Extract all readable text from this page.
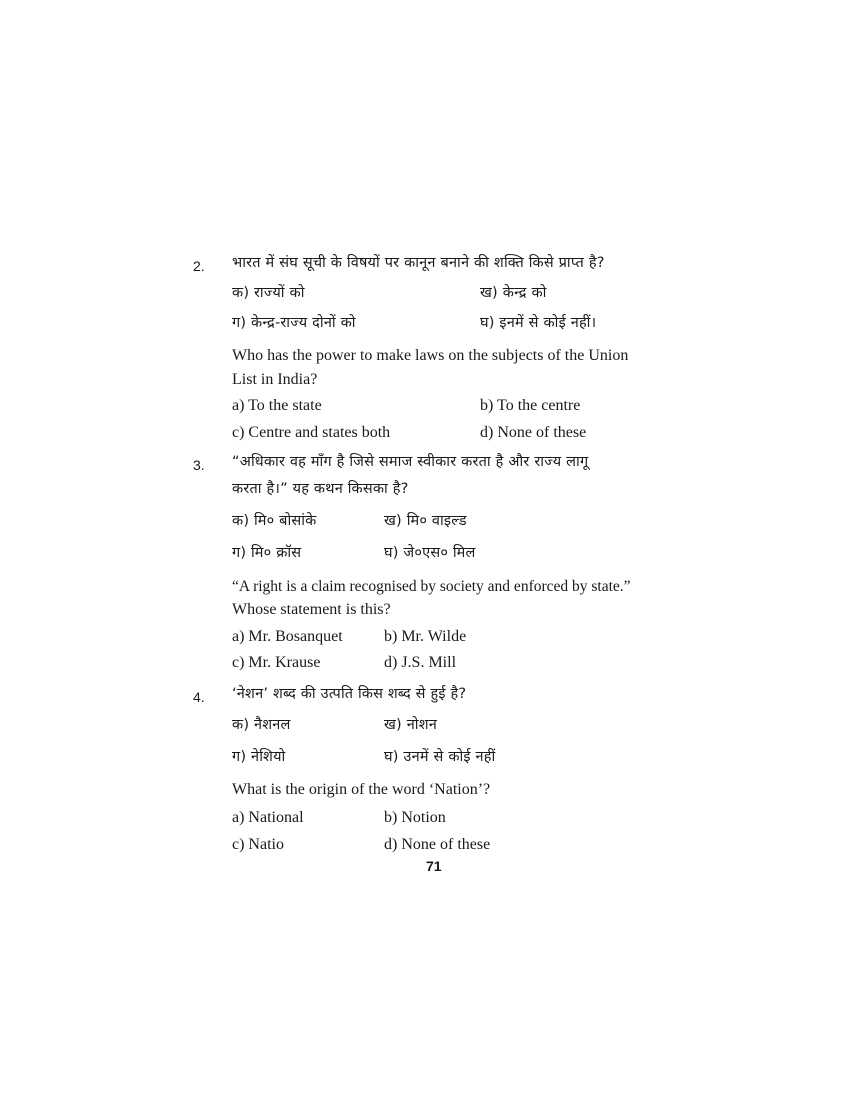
2. भारत में संघ सूची के विषयों पर कानून बनाने की शक्ति किसे प्राप्त है?
क) राज्यों को	ख) केन्द्र को
ग) केन्द्र-राज्य दोनों को	घ) इनमें से कोई नहीं।
Who has the power to make laws on the subjects of the Union
List in India?
a) To the state	b) To the centre
c) Centre and states both	d) None of these
3. “अधिकार वह माँग है जिसे समाज स्वीकार करता है और राज्य लागू
करता है।” यह कथन किसका है?
क) मि० बोसांके	ख) मि० वाइल्ड
ग) मि० क्रॉस	घ) जे०एस० मिल
“A right is a claim recognised by society and enforced by state.”
Whose statement is this?
a) Mr. Bosanquet	b) Mr. Wilde
c) Mr. Krause	d) J.S. Mill
4. ‘नेशन’ शब्द की उत्पति किस शब्द से हुई है?
क) नैशनल	ख) नोशन
ग) नेशियो	घ) उनमें से कोई नहीं
What is the origin of the word ‘Nation’?
a) National	b) Notion
c) Natio	d) None of these
71
